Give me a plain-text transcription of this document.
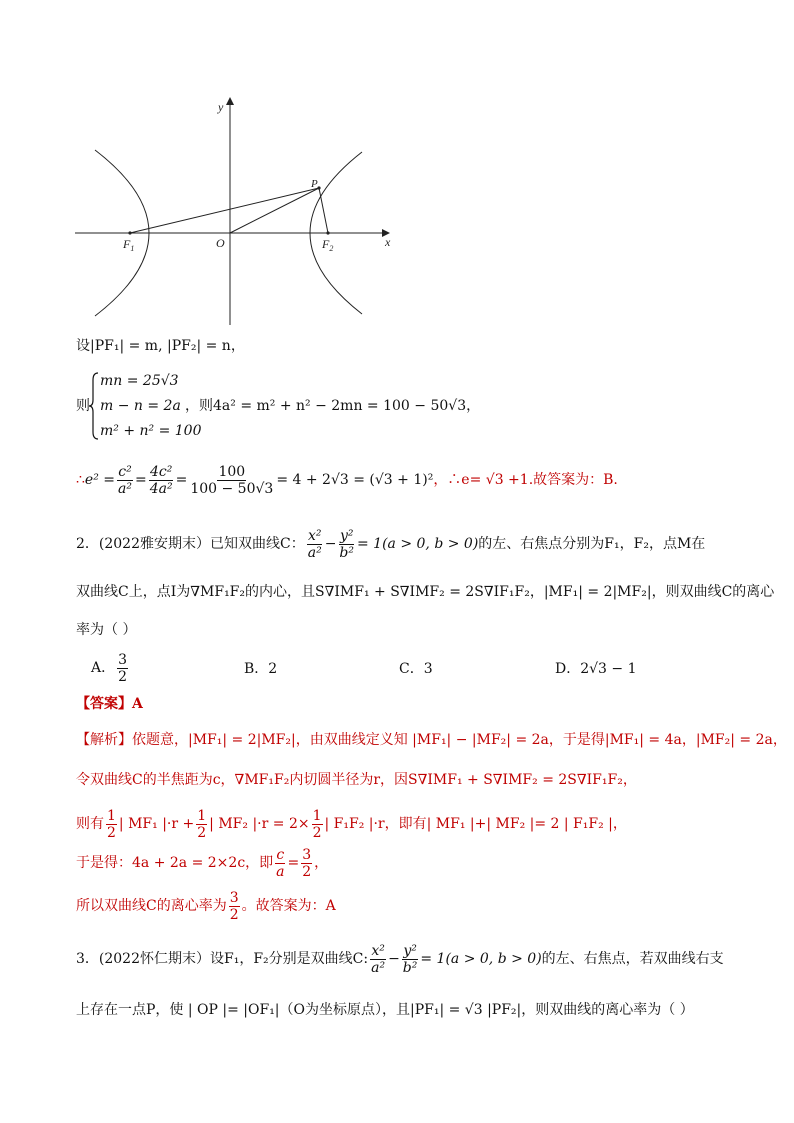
y
x
P
O
$F_1$	$F_2$
设|PF₁| = m, |PF₂| = n，
则
mn = 25√3
m − n = 2a
m² + n² = 100
，则4a² = m² + n² − 2mn = 100 − 50√3，
∴ $e^2 = \frac{\text{c²}}{\text{a²}} = \frac{\text{4c²}}{\text{4a²}} = \frac{100}{100 - 50√3} = 4 + 2√3 = (√3 + 1)^2$ ，∴e= √3 +1.故答案为：B.
2．(2022雅安期末）已知双曲线C： $\frac{\text{x²}}{\text{a²}} - \frac{\text{y²}}{\text{b²}} = 1(a > 0$, b > 0) 的左、右焦点分别为F₁，F₂，点M在
双曲线C上，点I为∇MF₁F₂的内心，且S∇IMF₁ + S∇IMF₂ = 2S∇IF₁F₂，|MF₁| = 2|MF₂|，则双曲线C的离心
率为（ ）
A． $\frac{3}{2}$	B．2	C．3	D．2√3 − 1
【答案】A
【解析】依题意，|MF₁| = 2|MF₂|，由双曲线定义知 |MF₁| − |MF₂| = 2a，于是得|MF₁| = 4a，|MF₂| = 2a，
令双曲线C的半焦距为c，∇MF₁F₂内切圆半径为r，因S∇IMF₁ + S∇IMF₂ = 2S∇IF₁F₂，
则有 $\frac{1}{2}$ | MF₁ $|\cdot r + \frac{1}{2}$ | MF₂ $|\cdot r = 2\times \frac{1}{2}$ | F₁F₂ |·r，即有| MF₁ |+| MF₂ |= 2 | F₁F₂ |，
于是得：4a + 2a = 2×2c，即 $\frac{c}{a} = \frac{3}{2}$ ，
所以双曲线C的离心率为 $\frac{3}{2}$ 。故答案为：A
3．(2022怀仁期末）设F₁，F₂分别是双曲线C: $\frac{\text{x²}}{\text{a²}} - \frac{\text{y²}}{\text{b²}} = 1(a > 0$, b > 0) 的左、右焦点，若双曲线右支
上存在一点P，使 | OP |= |OF₁|（O为坐标原点），且|PF₁| = √3 |PF₂|，则双曲线的离心率为（ ）
